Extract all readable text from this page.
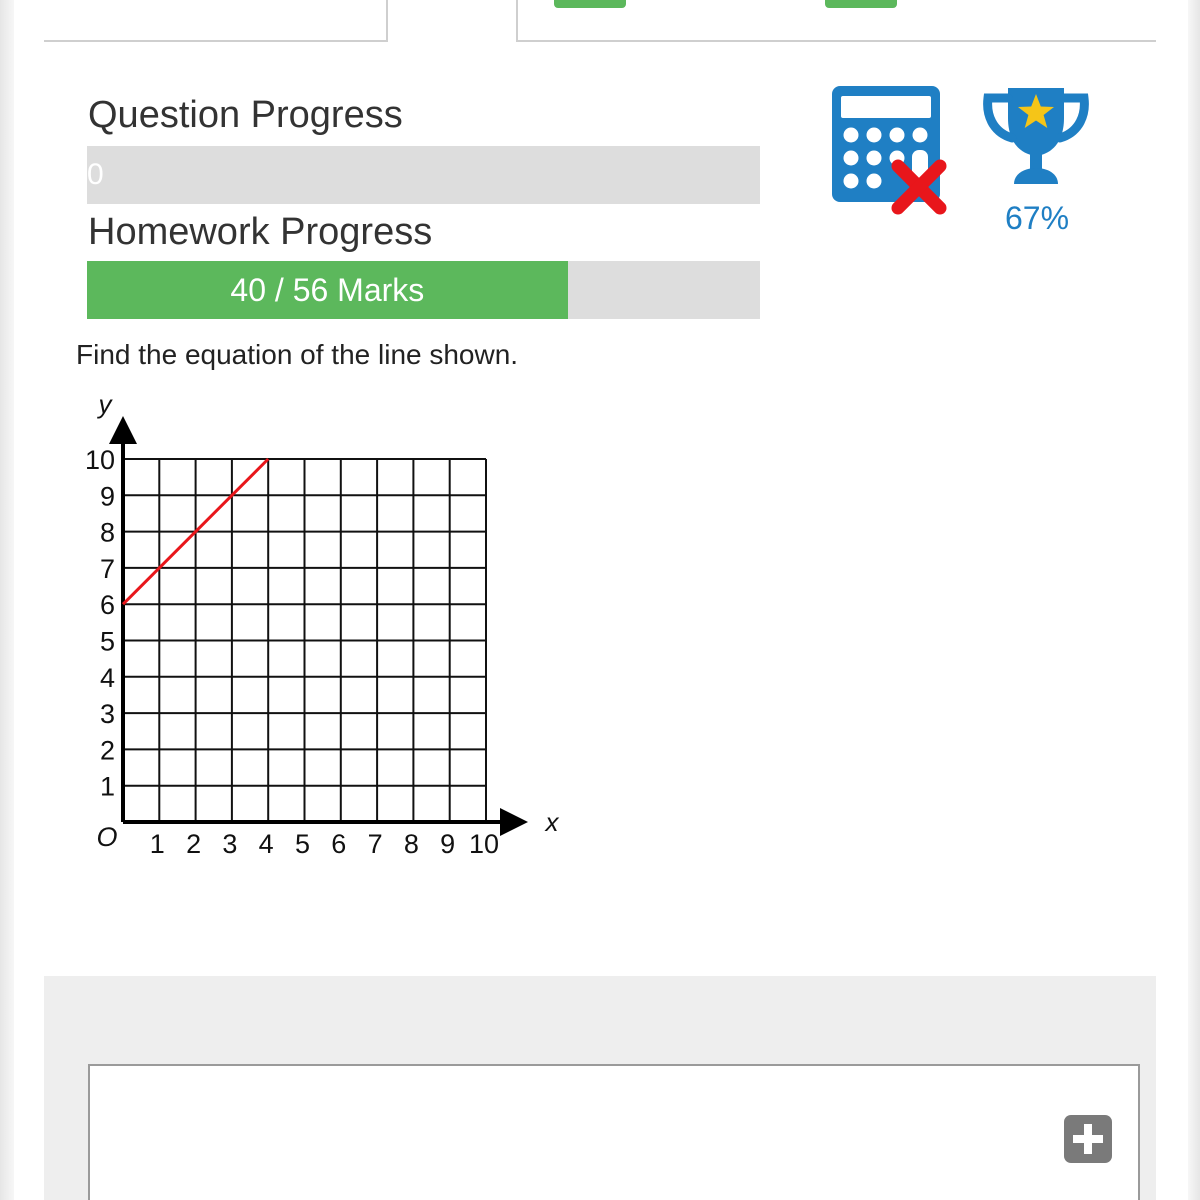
Question Progress
0
Homework Progress
40 / 56 Marks
67%
Find the equation of the line shown.
1 2 3 4 5 6 7 8 9 10
1
2
3
4
5
6
7
8
9
10
O	x
y
